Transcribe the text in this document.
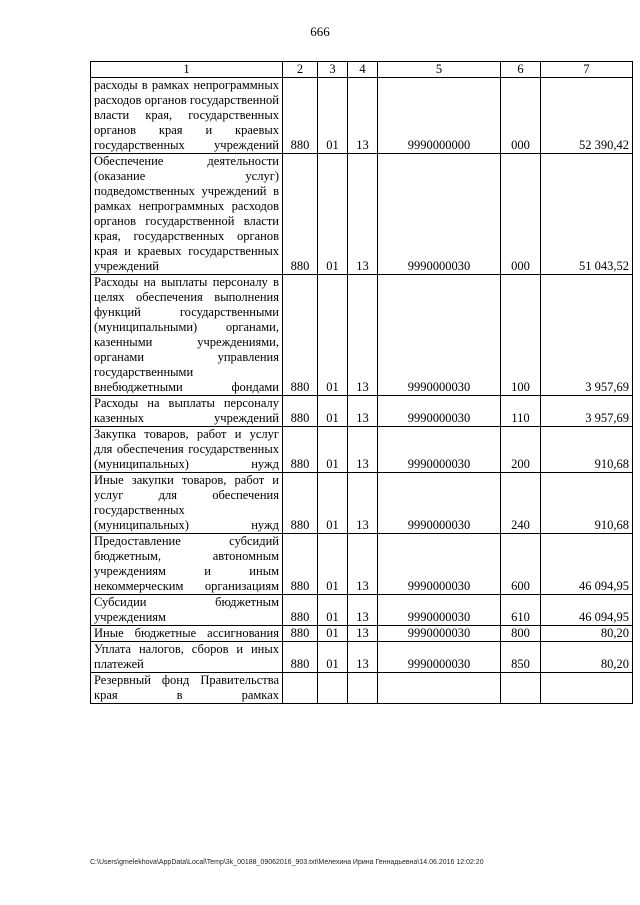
666
1	2	3	4	5	6	7
расходы в рамках непрограммных расходов органов государственной власти края, государственных органов края и краевых государственных учреждений	880	01	13	9990000000	000	52 390,42
Обеспечение деятельности (оказание услуг) подведомственных учреждений в рамках непрограммных расходов органов государственной власти края, государственных органов края и краевых государственных учреждений	880	01	13	9990000030	000	51 043,52
Расходы на выплаты персоналу в целях обеспечения выполнения функций государственными (муниципальными) органами, казенными учреждениями, органами управления государственными внебюджетными фондами	880	01	13	9990000030	100	3 957,69
Расходы на выплаты персоналу казенных учреждений	880	01	13	9990000030	110	3 957,69
Закупка товаров, работ и услуг для обеспечения государственных (муниципальных) нужд	880	01	13	9990000030	200	910,68
Иные закупки товаров, работ и услуг для обеспечения государственных (муниципальных) нужд	880	01	13	9990000030	240	910,68
Предоставление субсидий бюджетным, автономным учреждениям и иным некоммерческим организациям	880	01	13	9990000030	600	46 094,95
Субсидии бюджетным учреждениям	880	01	13	9990000030	610	46 094,95
Иные бюджетные ассигнования	880	01	13	9990000030	800	80,20
Уплата налогов, сборов и иных платежей	880	01	13	9990000030	850	80,20
Резервный фонд Правительства края в рамках						
C:\Users\gmelekhova\AppData\Local\Temp\3k_00188_09062016_903.txt\Мелехина Ирина Геннадьевна\14.06.2016 12:02:20
